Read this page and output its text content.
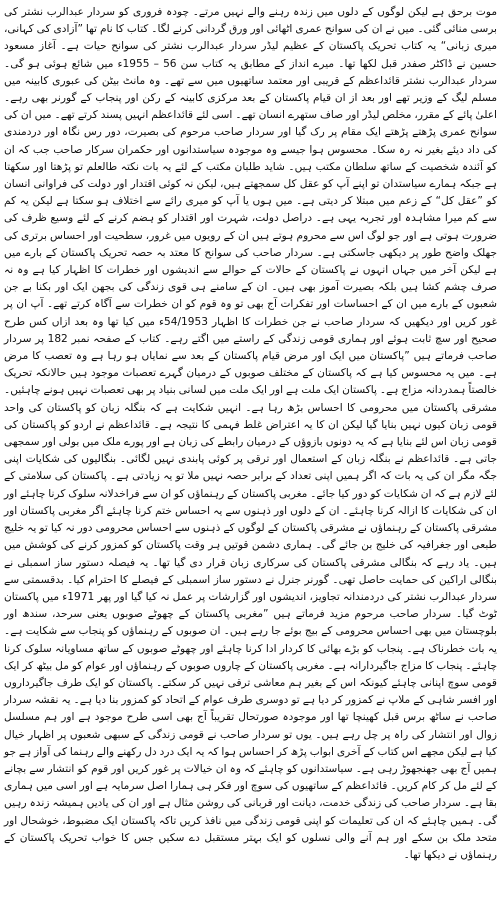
موت برحق ہے لیکن لوگوں کے دلوں میں زندہ رہنے والے نہیں مرتے۔ چودہ فروری کو سردار عبدالرب نشتر کی برسی منائی گئی۔ میں نے ان کی سوانح عمری اٹھائی اور ورق گردانی کرنے لگا۔ کتاب کا نام تھا ”آزادی کی کہانی، میری زبانی“ یہ کتاب تحریک پاکستان کے عظیم لیڈر سردار عبدالرب نشتر کی سوانح حیات ہے۔ آغاز مسعود حسین نے ڈاکٹر صفدر قبل لکھا تھا۔ میرے انداز کے مطابق یہ کتاب سن 56 – 1955ء میں شائع ہوئی ہو گی۔ سردار عبدالرب نشتر قائداعظم کے قریبی اور معتمد ساتھیوں میں سے تھے۔ وہ مانٹ بیٹن کی عبوری کابینہ میں مسلم لیگ کے وزیر تھے اور بعد از ان قیام پاکستان کے بعد مرکزی کابینہ کے رکن اور پنجاب کے گورنر بھی رہے۔ اعلیٰ پائے کے مقرر، مخلص لیڈر اور صاف ستھرے انسان تھے۔ اسی لئے قائداعظم انہیں پسند کرتے تھے۔ میں ان کی سوانح عمری پڑھتے پڑھتے ایک مقام پر رک گیا اور سردار صاحب مرحوم کی بصیرت، دور رس نگاہ اور دردمندی کی داد دیئے بغیر نہ رہ سکا۔ محسوس ہوا جیسے وہ موجودہ سیاستدانوں اور حکمران سرکار صاحب جب کہ ان کو آئندہ شخصیت کے ساتھ سلطان مکتب ہیں۔ شاید طلبان مکتب کے لئے یہ بات نکتہ طالعلم تو پڑھتا اور سکھتا ہے جبکہ ہمارے سیاستدان تو اپنے آپ کو عقل کل سمجھتے ہیں، لیکن نہ کوئی اقتدار اور دولت کی فراوانی انسان کو ”عقل کل“ کے زعم میں مبتلا کر دیتی ہے۔ میں ہوں یا آپ کو میری رائے سے اختلاف ہو سکتا ہے لیکن یہ کم سے کم میرا مشاہدہ اور تجربہ یہی ہے۔ دراصل دولت، شہرت اور اقتدار کو ہضم کرنے کے لئے وسیع ظرف کی ضرورت ہوتی ہے اور جو لوگ اس سے محروم ہوتے ہیں ان کے رویوں میں غرور، سطحیت اور احساس برتری کی جھلک واضح طور پر دیکھی جاسکتی ہے۔ سردار صاحب کی سوانح کا معتد بہ حصہ تحریک پاکستان کے بارے میں ہے لیکن آخر میں جہاں انہوں نے پاکستان کے حالات کے حوالے سے اندیشوں اور خطرات کا اظہار کیا ہے وہ نہ صرف چشم کشا ہیں بلکہ بصیرت آموز بھی ہیں۔ ان کے سامنے ہی قوی زندگی کی بجھن ایک اور بکنا بے جن شعبوں کے بارے میں ان کے احساسات اور تفکرات آج بھی تو وہ قوم کو ان خطرات سے آگاہ کرتے تھے۔ آپ ان پر غور کریں اور دیکھیں کہ سردار صاحب نے جن خطرات کا اظہار 54/1953ء میں کیا تھا وہ بعد ازاں کس طرح صحیح اور سچ ثابت ہوئے اور ہماری قومی زندگی کے راستے میں اگتے رہے۔ کتاب کے صفحہ نمبر 182 پر سردار صاحب فرماتے ہیں ”پاکستان میں ایک اور مرض قیام پاکستان کے بعد سے نمایاں ہو رہا ہے وہ تعصب کا مرض ہے۔ میں یہ محسوس کیا ہے کہ پاکستان کے مختلف صوبوں کے درمیان گہرے تعصبات موجود ہیں حالانکہ تحریک خالصتاً ہمدردانہ مزاج ہے۔ پاکستان ایک ملت ہے اور ایک ملت میں لسانی بنیاد پر بھی تعصبات نہیں ہونے چاہئیں۔ مشرقی پاکستان میں محرومی کا احساس بڑھ رہا ہے۔ انہیں شکایت ہے کہ بنگلہ زبان کو پاکستان کی واحد قومی زبان کیوں نہیں بنایا گیا لیکن ان کا یہ اعتراض غلط فہمی کا نتیجہ ہے۔ قائداعظم نے اردو کو پاکستان کی قومی زبان اس لئے بنایا ہے کہ یہ دونوں بازوؤں کے درمیان رابطے کی زبان ہے اور پورے ملک میں بولی اور سمجھی جاتی ہے۔ قائداعظم نے بنگلہ زبان کے استعمال اور ترقی پر کوئی پابندی نہیں لگائی۔ بنگالیوں کی شکایات اپنی جگہ مگر ان کی یہ بات کہ اگر ہمیں اپنی تعداد کے برابر حصہ نہیں ملا تو یہ زیادتی ہے۔ پاکستان کی سلامتی کے لئے لازم ہے کہ ان شکایات کو دور کیا جائے۔ مغربی پاکستان کے رہنماؤں کو ان سے فراخدلانہ سلوک کرنا چاہئے اور ان کی شکایات کا ازالہ کرنا چاہئے۔ ان کے دلوں اور ذہنوں سے یہ احساس ختم کرنا چاہئے اگر مغربی پاکستان اور مشرقی پاکستان کے رہنماؤں نے مشرقی پاکستان کے لوگوں کے ذہنوں سے احساس محرومی دور نہ کیا تو یہ خلیج طبعی اور جغرافیہ کی خلیج بن جائے گی۔ ہماری دشمن قوتیں ہر وقت پاکستان کو کمزور کرنے کی کوشش میں ہیں۔ یاد رہے کہ بنگالی مشرقی پاکستان کی سرکاری زبان قرار دی گیا تھا۔ یہ فیصلہ دستور ساز اسمبلی نے بنگالی اراکین کی حمایت حاصل تھی۔ گورنر جنرل نے دستور ساز اسمبلی کے فیصلے کا احترام کیا۔ بدقسمتی سے سردار عبدالرب نشتر کی دردمندانہ تجاویز، اندیشوں اور گزارشات پر عمل نہ کیا گیا اور پھر 1971ء میں پاکستان ٹوٹ گیا۔ سردار صاحب مرحوم مزید فرماتے ہیں ”مغربی پاکستان کے چھوٹے صوبوں یعنی سرحد، سندھ اور بلوچستان میں بھی احساس محرومی کے بیج بوئے جا رہے ہیں۔ ان صوبوں کے رہنماؤں کو پنجاب سے شکایت ہے۔ یہ بات خطرناک ہے۔ پنجاب کو بڑے بھائی کا کردار ادا کرنا چاہئے اور چھوٹے صوبوں کے ساتھ مساویانہ سلوک کرنا چاہئے۔ پنجاب کا مزاج جاگیردارانہ ہے۔ مغربی پاکستان کے چاروں صوبوں کے رہنماؤں اور عوام کو مل بیٹھ کر ایک قومی سوچ اپنانی چاہئے کیونکہ اس کے بغیر ہم معاشی ترقی نہیں کر سکتے۔ پاکستان کو ایک طرف جاگیرداروں اور افسر شاہی کے ملاپ نے کمزور کر دیا ہے تو دوسری طرف عوام کے اتحاد کو کمزور بنا دیا ہے۔ یہ نقشہ سردار صاحب نے ساٹھ برس قبل کھینچا تھا اور موجودہ صورتحال تقریباً آج بھی اسی طرح موجود ہے اور ہم مسلسل زوال اور انتشار کی راہ پر چل رہے ہیں۔ یوں تو سردار صاحب نے قومی زندگی کے سبھی شعبوں پر اظہار خیال کیا ہے لیکن مجھے اس کتاب کے آخری ابواب پڑھ کر احساس ہوا کہ یہ ایک درد دل رکھنے والے رہنما کی آواز ہے جو ہمیں آج بھی جھنجھوڑ رہی ہے۔ سیاستدانوں کو چاہئے کہ وہ ان خیالات پر غور کریں اور قوم کو انتشار سے بچانے کے لئے مل کر کام کریں۔ قائداعظم کے ساتھیوں کی سوچ اور فکر ہی ہمارا اصل سرمایہ ہے اور اسی میں ہماری بقا ہے۔ سردار صاحب کی زندگی خدمت، دیانت اور قربانی کی روشن مثال ہے اور ان کی یادیں ہمیشہ زندہ رہیں گی۔ ہمیں چاہئے کہ ان کی تعلیمات کو اپنی قومی زندگی میں نافذ کریں تاکہ پاکستان ایک مضبوط، خوشحال اور متحد ملک بن سکے اور ہم آنے والی نسلوں کو ایک بہتر مستقبل دے سکیں جس کا خواب تحریک پاکستان کے رہنماؤں نے دیکھا تھا۔
